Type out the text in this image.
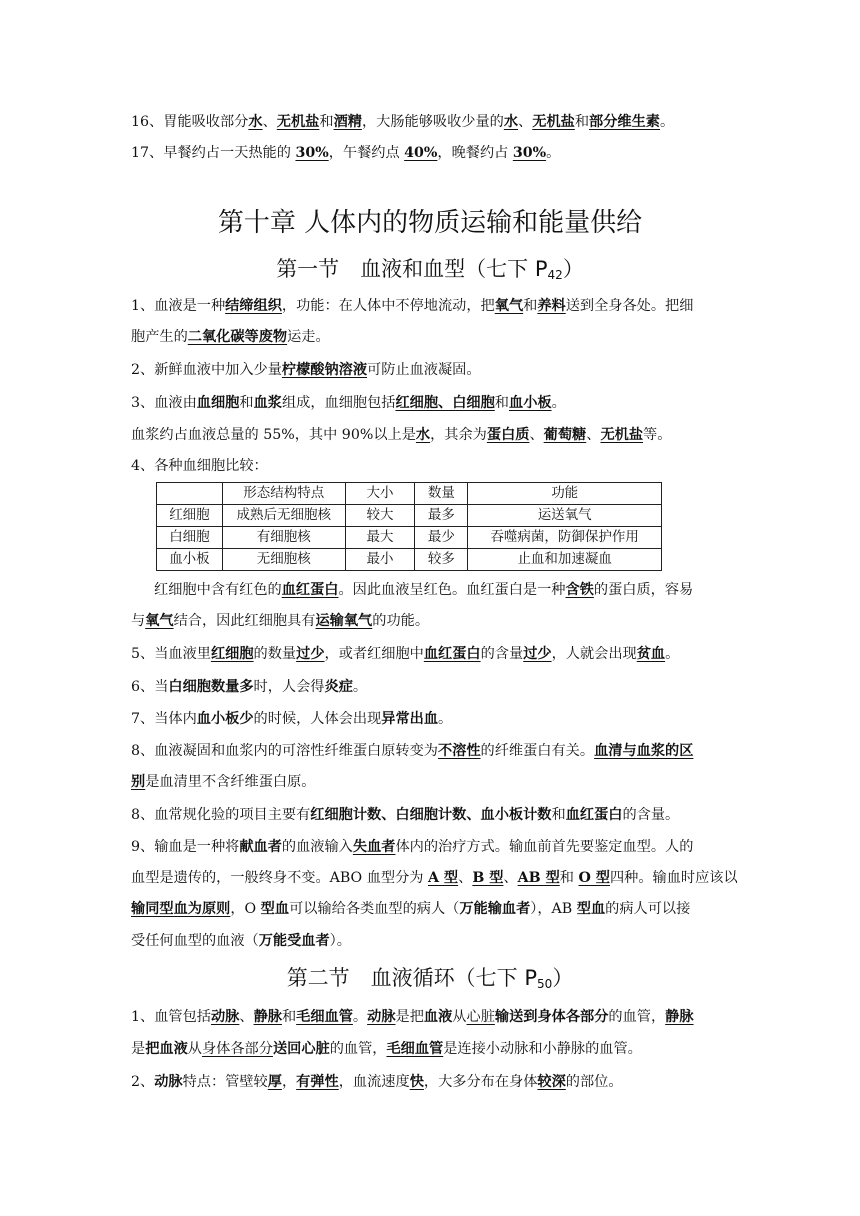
16、胃能吸收部分水、无机盐和酒精，大肠能够吸收少量的水、无机盐和部分维生素。
17、早餐约占一天热能的 30%，午餐约点 40%，晚餐约占 30%。
第十章 人体内的物质运输和能量供给
第一节　血液和血型（七下 $P_{42}$）
1、血液是一种结缔组织，功能：在人体中不停地流动，把氧气和养料送到全身各处。把细
胞产生的二氧化碳等废物运走。
2、新鲜血液中加入少量柠檬酸钠溶液可防止血液凝固。
3、血液由血细胞和血浆组成，血细胞包括红细胞、白细胞和血小板。
血浆约占血液总量的 55%，其中 90%以上是水，其余为蛋白质、葡萄糖、无机盐等。
4、各种血细胞比较：
	形态结构特点	大小	数量	功能
红细胞	成熟后无细胞核	较大	最多	运送氧气
白细胞	有细胞核	最大	最少	吞噬病菌，防御保护作用
血小板	无细胞核	最小	较多	止血和加速凝血
红细胞中含有红色的血红蛋白。因此血液呈红色。血红蛋白是一种含铁的蛋白质，容易
与氧气结合，因此红细胞具有运输氧气的功能。
5、当血液里红细胞的数量过少，或者红细胞中血红蛋白的含量过少，人就会出现贫血。
6、当白细胞数量多时，人会得炎症。
7、当体内血小板少的时候，人体会出现异常出血。
8、血液凝固和血浆内的可溶性纤维蛋白原转变为不溶性的纤维蛋白有关。血清与血浆的区
别是血清里不含纤维蛋白原。
8、血常规化验的项目主要有红细胞计数、白细胞计数、血小板计数和血红蛋白的含量。
9、输血是一种将献血者的血液输入失血者体内的治疗方式。输血前首先要鉴定血型。人的
血型是遗传的，一般终身不变。ABO 血型分为 A 型、B 型、AB 型和 O 型四种。输血时应该以
输同型血为原则，O 型血可以输给各类血型的病人（万能输血者），AB 型血的病人可以接
受任何血型的血液（万能受血者）。
第二节　血液循环（七下 $P_{50}$）
1、血管包括动脉、静脉和毛细血管。动脉是把血液从心脏输送到身体各部分的血管，静脉
是把血液从身体各部分送回心脏的血管，毛细血管是连接小动脉和小静脉的血管。
2、动脉特点：管壁较厚，有弹性，血流速度快，大多分布在身体较深的部位。
